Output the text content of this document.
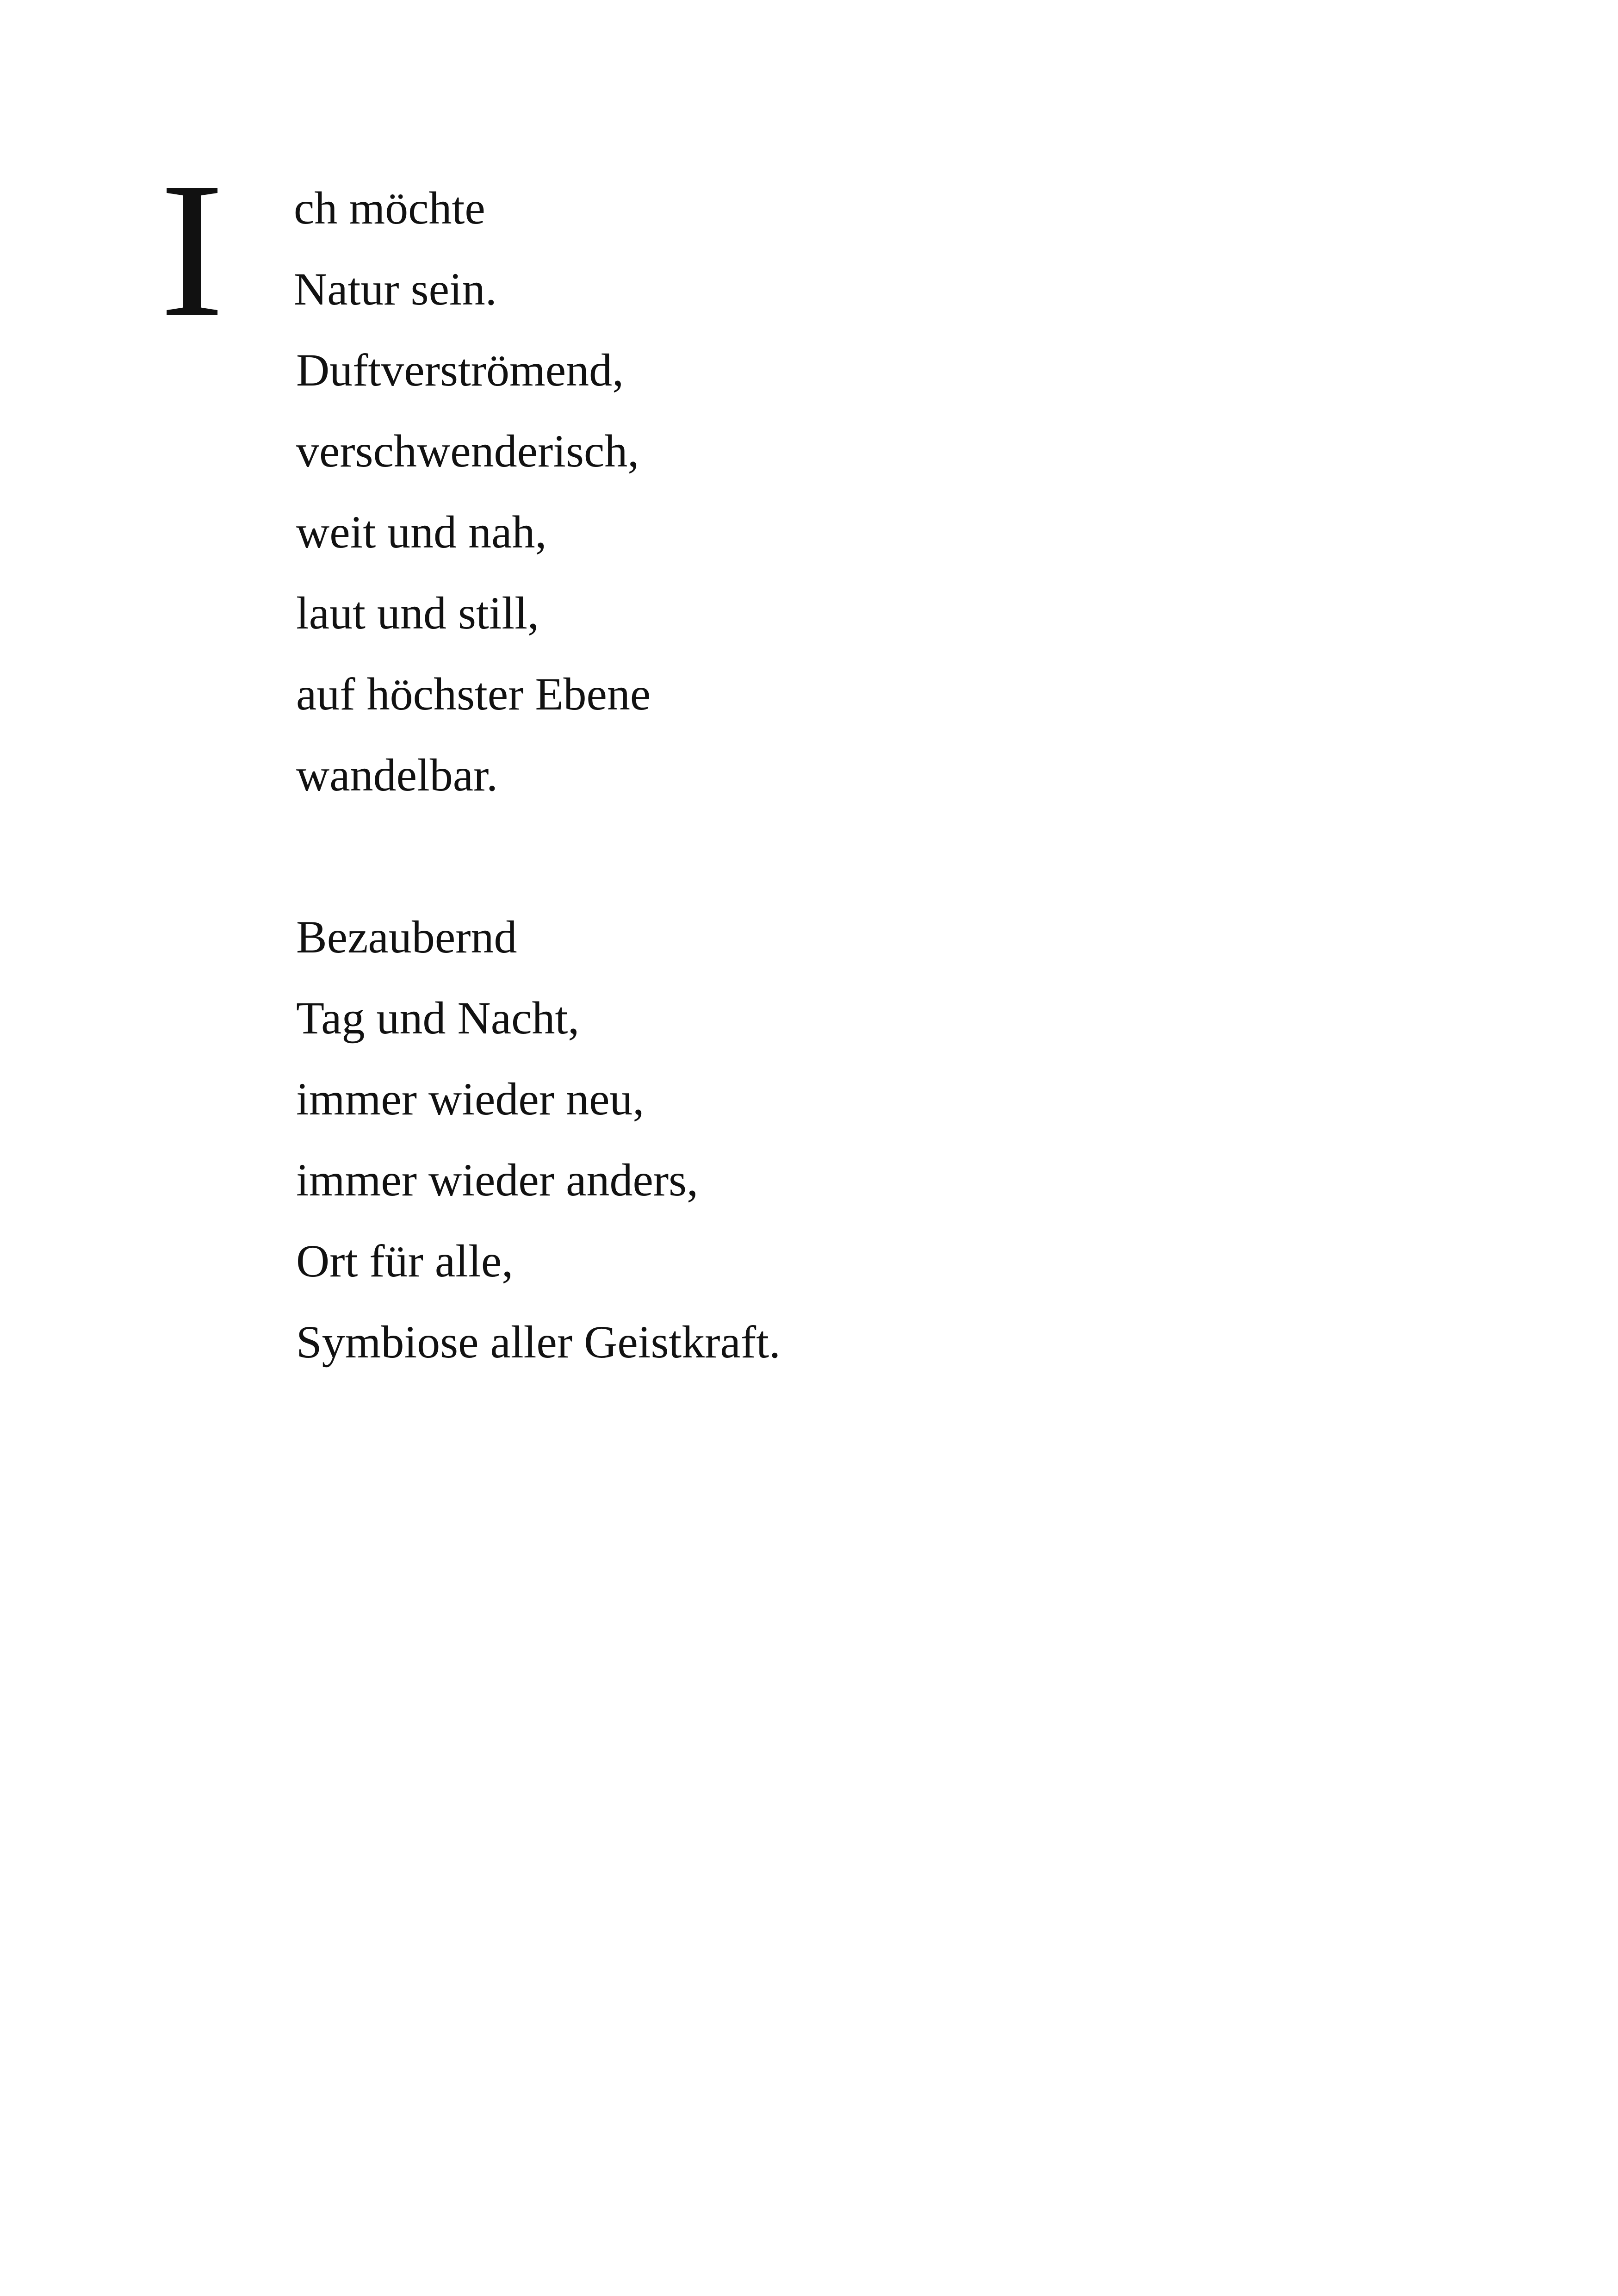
I ch möchte
Natur sein.
Duftverströmend,
verschwenderisch,
weit und nah,
laut und still,
auf höchster Ebene
wandelbar.
Bezaubernd
Tag und Nacht,
immer wieder neu,
immer wieder anders,
Ort für alle,
Symbiose aller Geistkraft.
